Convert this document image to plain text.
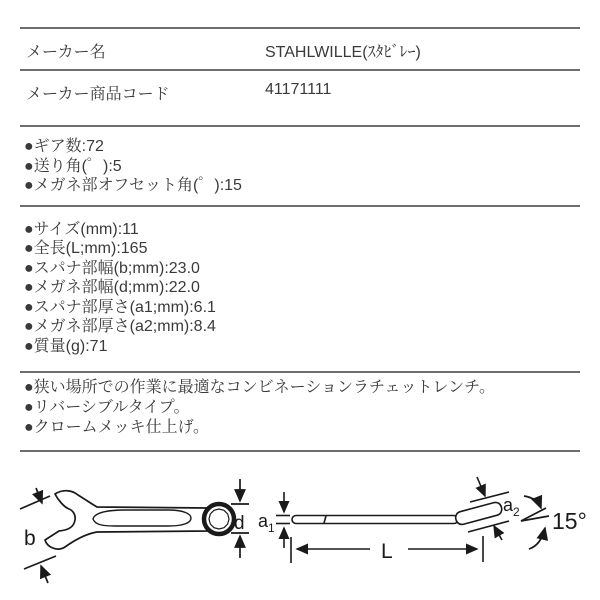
メーカー名	STAHLWILLE(ｽﾀﾋﾞﾚｰ)
メーカー商品コード	41171111
●ギア数:72
●送り角(゜):5
●メガネ部オフセット角(゜):15
●サイズ(mm):11
●全長(L;mm):165
●スパナ部幅(b;mm):23.0
●メガネ部幅(d;mm):22.0
●スパナ部厚さ(a1;mm):6.1
●メガネ部厚さ(a2;mm):8.4
●質量(g):71
●狭い場所での作業に最適なコンビネーションラチェットレンチ。
●リバーシブルタイプ。
●クロームメッキ仕上げ。
b
d a 1
a 2
L
15°
